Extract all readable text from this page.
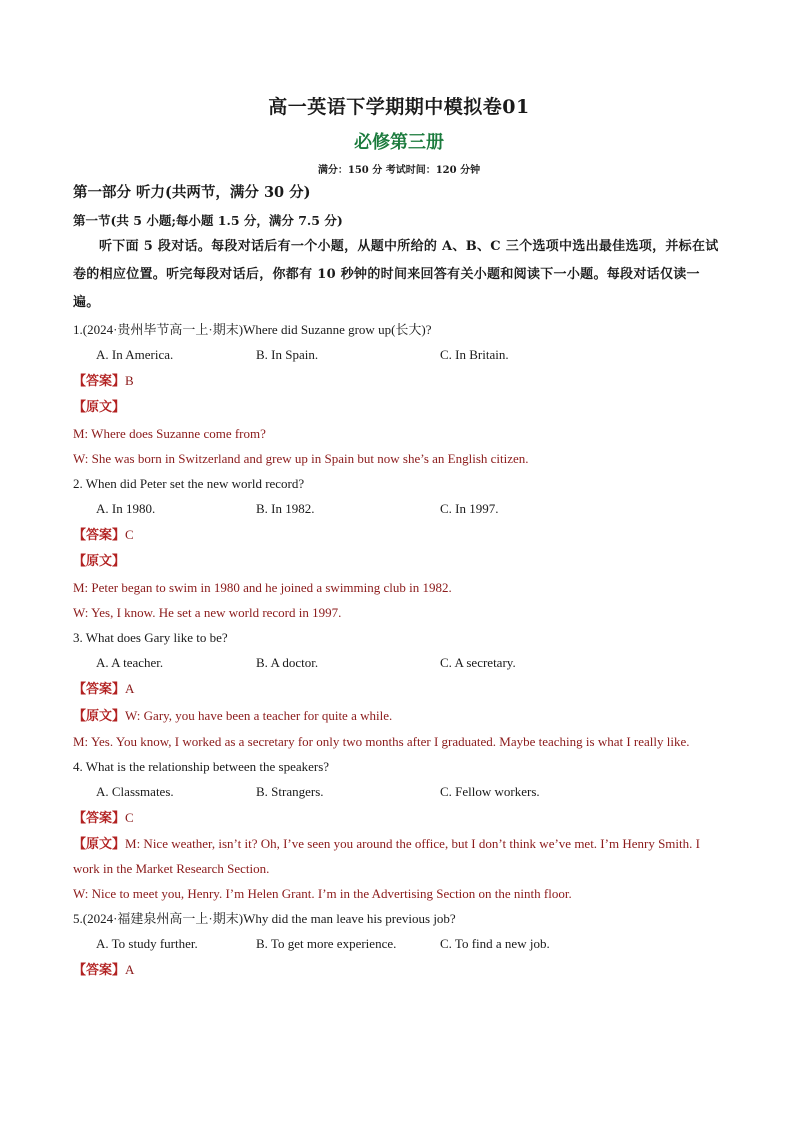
高一英语下学期期中模拟卷01
必修第三册
满分：150 分 考试时间：120 分钟
第一部分 听力(共两节，满分 30 分)
第一节(共 5 小题;每小题 1.5 分，满分 7.5 分)

听下面 5 段对话。每段对话后有一个小题，从题中所给的 A、B、C 三个选项中选出最佳选项，并标在试卷的相应位置。听完每段对话后，你都有 10 秒钟的时间来回答有关小题和阅读下一小题。每段对话仅读一遍。

1.(2024·贵州毕节高一上·期末)Where did Suzanne grow up(长大)?

A. In America.	B. In Spain.	C. In Britain.
【答案】B
【原文】

M: Where does Suzanne come from?

W: She was born in Switzerland and grew up in Spain but now she’s an English citizen.

2. When did Peter set the new world record?

A. In 1980.	B. In 1982.	C. In 1997.
【答案】C
【原文】

M: Peter began to swim in 1980 and he joined a swimming club in 1982.

W: Yes, I know. He set a new world record in 1997.

3. What does Gary like to be?

A. A teacher.	B. A doctor.	C. A secretary.
【答案】A
【原文】W: Gary, you have been a teacher for quite a while.

M: Yes. You know, I worked as a secretary for only two months after I graduated. Maybe teaching is what I really like.

4. What is the relationship between the speakers?

A. Classmates.	B. Strangers.	C. Fellow workers.
【答案】C

【原文】M: Nice weather, isn’t it? Oh, I’ve seen you around the office, but I don’t think we’ve met. I’m Henry Smith. I work in the Market Research Section.

W: Nice to meet you, Henry. I’m Helen Grant. I’m in the Advertising Section on the ninth floor.

5.(2024·福建泉州高一上·期末)Why did the man leave his previous job?

A. To study further.	B. To get more experience.	C. To find a new job.
【答案】A
